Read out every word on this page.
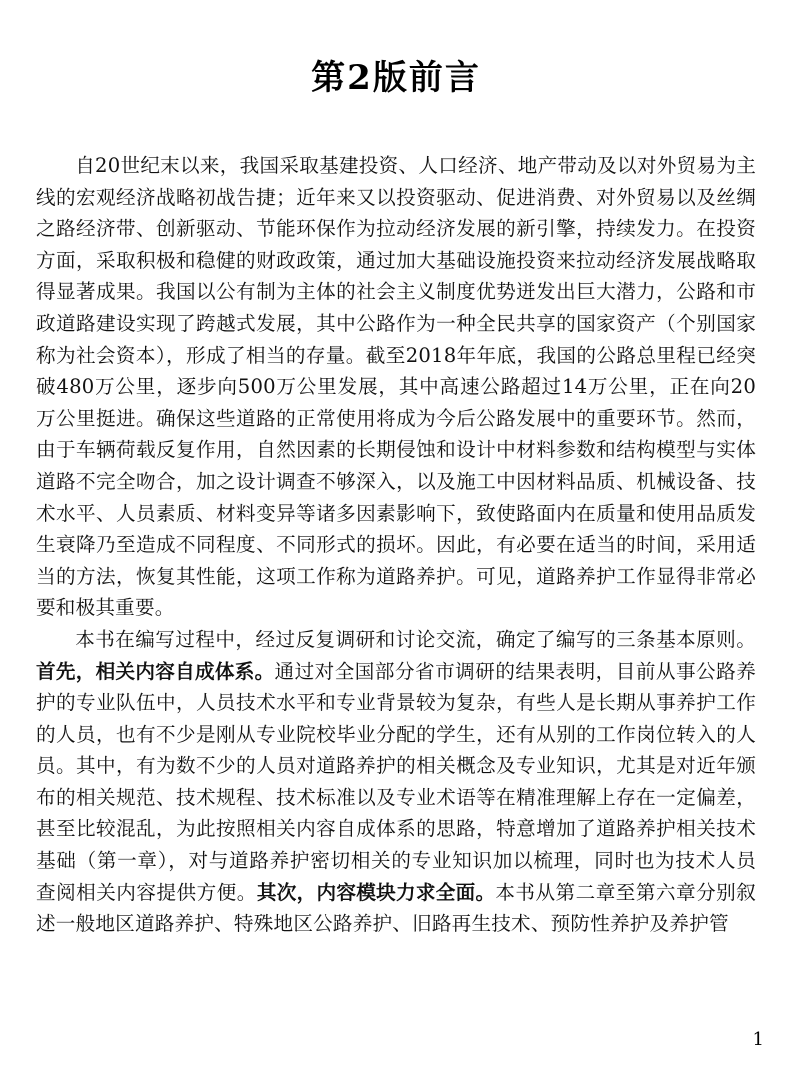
第2版前言

自20世纪末以来，我国采取基建投资、人口经济、地产带动及以对外贸易为主线的宏观经济战略初战告捷；近年来又以投资驱动、促进消费、对外贸易以及丝绸之路经济带、创新驱动、节能环保作为拉动经济发展的新引擎，持续发力。在投资方面，采取积极和稳健的财政政策，通过加大基础设施投资来拉动经济发展战略取得显著成果。我国以公有制为主体的社会主义制度优势迸发出巨大潜力，公路和市政道路建设实现了跨越式发展，其中公路作为一种全民共享的国家资产（个别国家称为社会资本），形成了相当的存量。截至2018年年底，我国的公路总里程已经突破480万公里，逐步向500万公里发展，其中高速公路超过14万公里，正在向20万公里挺进。确保这些道路的正常使用将成为今后公路发展中的重要环节。然而，由于车辆荷载反复作用，自然因素的长期侵蚀和设计中材料参数和结构模型与实体道路不完全吻合，加之设计调查不够深入，以及施工中因材料品质、机械设备、技术水平、人员素质、材料变异等诸多因素影响下，致使路面内在质量和使用品质发生衰降乃至造成不同程度、不同形式的损坏。因此，有必要在适当的时间，采用适当的方法，恢复其性能，这项工作称为道路养护。可见，道路养护工作显得非常必要和极其重要。

本书在编写过程中，经过反复调研和讨论交流，确定了编写的三条基本原则。首先，相关内容自成体系。通过对全国部分省市调研的结果表明，目前从事公路养护的专业队伍中，人员技术水平和专业背景较为复杂，有些人是长期从事养护工作的人员，也有不少是刚从专业院校毕业分配的学生，还有从别的工作岗位转入的人员。其中，有为数不少的人员对道路养护的相关概念及专业知识，尤其是对近年颁布的相关规范、技术规程、技术标准以及专业术语等在精准理解上存在一定偏差，甚至比较混乱，为此按照相关内容自成体系的思路，特意增加了道路养护相关技术基础（第一章），对与道路养护密切相关的专业知识加以梳理，同时也为技术人员查阅相关内容提供方便。其次，内容模块力求全面。本书从第二章至第六章分别叙述一般地区道路养护、特殊地区公路养护、旧路再生技术、预防性养护及养护管

1
